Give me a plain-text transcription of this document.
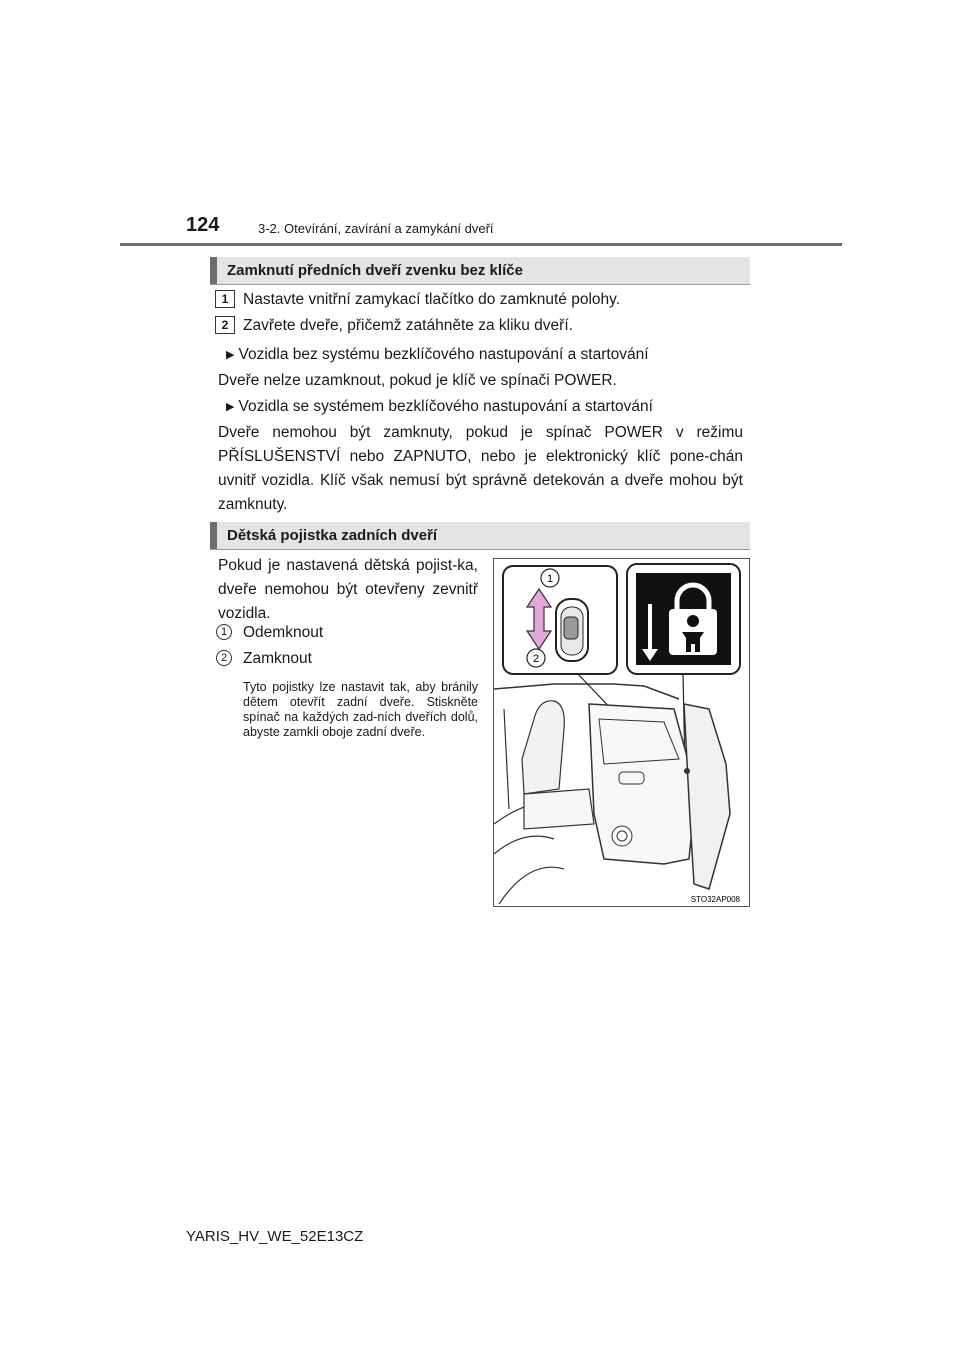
124	3-2. Otevírání, zavírání a zamykání dveří
Zamknutí předních dveří zvenku bez klíče
1 Nastavte vnitřní zamykací tlačítko do zamknuté polohy.
2 Zavřete dveře, přičemž zatáhněte za kliku dveří.
▶ Vozidla bez systému bezklíčového nastupování a startování
Dveře nelze uzamknout, pokud je klíč ve spínači POWER.
▶ Vozidla se systémem bezklíčového nastupování a startování
Dveře nemohou být zamknuty, pokud je spínač POWER v režimu PŘÍSLUŠENSTVÍ nebo ZAPNUTO, nebo je elektronický klíč pone-chán uvnitř vozidla. Klíč však nemusí být správně detekován a dveře mohou být zamknuty.
Dětská pojistka zadních dveří
Pokud je nastavená dětská pojist-ka, dveře nemohou být otevřeny zevnitř vozidla.
1	Odemknout
2	Zamknout
Tyto pojistky lze nastavit tak, aby bránily dětem otevřít zadní dveře. Stiskněte spínač na každých zad-ních dveřích dolů, abyste zamkli oboje zadní dveře.
1
2
STO32AP008
YARIS_HV_WE_52E13CZ
